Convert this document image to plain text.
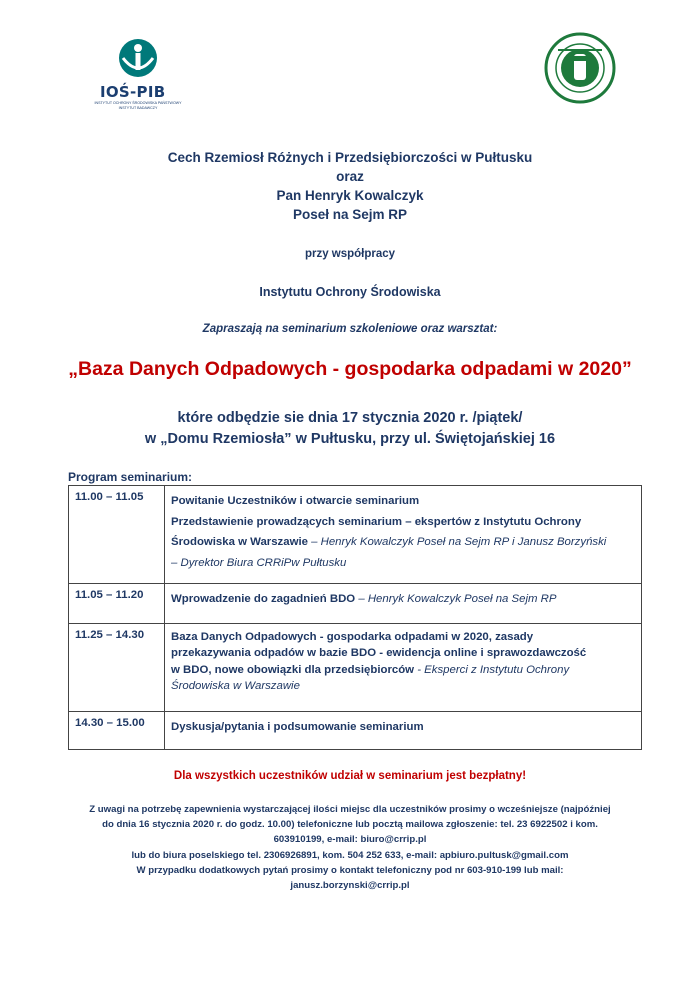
IOŚ-PIB
INSTYTUT OCHRONY ŚRODOWISKA PAŃSTWOWY INSTYTUT BADAWCZY
Cech Rzemiosł Różnych i Przedsiębiorczości w Pułtusku
oraz
Pan Henryk Kowalczyk
Poseł na Sejm RP
przy współpracy
Instytutu Ochrony Środowiska
Zapraszają na seminarium szkoleniowe oraz warsztat:
„Baza Danych Odpadowych - gospodarka odpadami w 2020”
które odbędzie sie dnia 17 stycznia 2020 r. /piątek/
w „Domu Rzemiosła” w Pułtusku, przy ul. Świętojańskiej 16
Program seminarium:
11.00 – 11.05	Powitanie Uczestników i otwarcie seminarium
Przedstawienie prowadzących seminarium – ekspertów z Instytutu Ochrony
Środowiska w Warszawie – Henryk Kowalczyk Poseł na Sejm RP i Janusz Borzyński
– Dyrektor Biura CRRiPw Pułtusku

11.05 – 11.20	Wprowadzenie do zagadnień BDO – Henryk Kowalczyk Poseł na Sejm RP

11.25 – 14.30	Baza Danych Odpadowych - gospodarka odpadami w 2020, zasady
przekazywania odpadów w bazie BDO - ewidencja online i sprawozdawczość
w BDO, nowe obowiązki dla przedsiębiorców - Eksperci z Instytutu Ochrony
Środowiska w Warszawie

14.30 – 15.00	Dyskusja/pytania i podsumowanie seminarium
Dla wszystkich uczestników udział w seminarium jest bezpłatny!
Z uwagi na potrzebę zapewnienia wystarczającej ilości miejsc dla uczestników prosimy o wcześniejsze (najpóźniej
do dnia 16 stycznia 2020 r. do godz. 10.00) telefoniczne lub pocztą mailowa zgłoszenie: tel. 23 6922502 i kom.
603910199, e-mail: biuro@crrip.pl
lub do biura poselskiego tel. 2306926891, kom. 504 252 633, e-mail: apbiuro.pultusk@gmail.com
W przypadku dodatkowych pytań prosimy o kontakt telefoniczny pod nr 603-910-199 lub mail:
janusz.borzynski@crrip.pl
